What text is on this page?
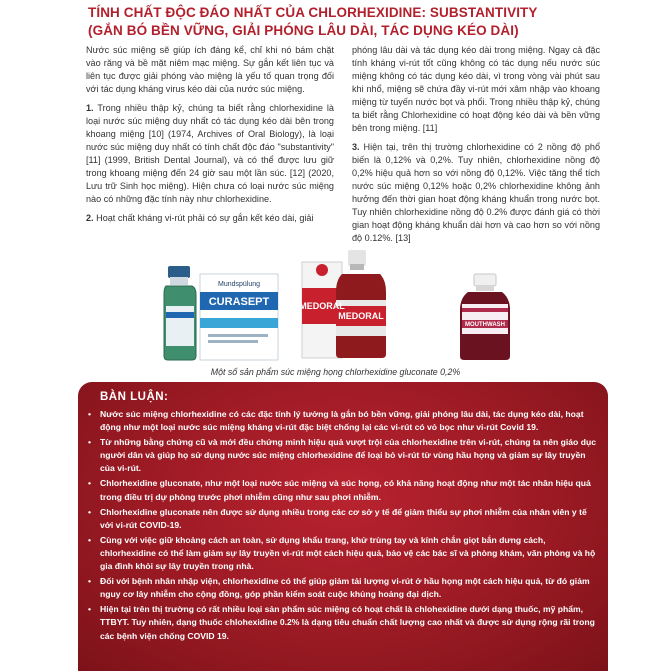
TÍNH CHẤT ĐỘC ĐÁO NHẤT CỦA CHLORHEXIDINE: SUBSTANTIVITY
(GẮN BÓ BỀN VỮNG, GIẢI PHÓNG LÂU DÀI, TÁC DỤNG KÉO DÀI)

Nước súc miệng sẽ giúp ích đáng kể, chỉ khi nó bám chặt vào răng và bề mặt niêm mạc miệng. Sự gắn kết liên tục và liên tục được giải phóng vào miệng là yếu tố quan trọng đối với tác dụng kháng virus kéo dài của nước súc miệng.

1. Trong nhiều thập kỷ, chúng ta biết rằng chlorhexidine là loại nước súc miệng duy nhất có tác dụng kéo dài bên trong khoang miệng [10] (1974, Archives of Oral Biology), là loại nước súc miệng duy nhất có tính chất độc đáo "substantivity" [11] (1999, British Dental Journal), và có thể được lưu giữ trong khoang miệng đến 24 giờ sau một lần súc. [12] (2020, Lưu trữ Sinh học miệng). Hiện chưa có loại nước súc miệng nào có những đặc tính này như chlorhexidine.

2. Hoạt chất kháng vi-rút phải có sự gắn kết kéo dài, giải

phóng lâu dài và tác dụng kéo dài trong miệng. Ngay cả đặc tính kháng vi-rút tốt cũng không có tác dụng nếu nước súc miệng không có tác dụng kéo dài, vì trong vòng vài phút sau khi nhổ, miệng sẽ chứa đầy vi-rút mới xâm nhập vào khoang miệng từ tuyến nước bọt và phổi. Trong nhiều thập kỷ, chúng ta biết rằng Chlorhexidine có hoạt động kéo dài và bền vững bên trong miệng. [11]

3. Hiện tại, trên thị trường chlorhexidine có 2 nồng độ phổ biến là 0,12% và 0,2%. Tuy nhiên, chlorhexidine nồng độ 0,2% hiệu quả hơn so với nồng độ 0,12%. Việc tăng thể tích nước súc miệng 0,12% hoặc 0,2% chlorhexidine không ảnh hưởng đến thời gian hoạt động kháng khuẩn trong nước bọt. Tuy nhiên chlorhexidine nồng độ 0.2% được đánh giá có thời gian hoạt động kháng khuẩn dài hơn và cao hơn so với nồng độ 0.12%. [13]

Mundspülung
CURASEPT	MEDORAL
MEDORAL
MOUTHWASH
Một số sản phẩm súc miệng họng chlorhexidine gluconate 0,2%
BÀN LUẬN:
• Nước súc miệng chlorhexidine có các đặc tính lý tưởng là gắn bó bền vững, giải phóng lâu dài, tác dụng kéo dài, hoạt động như một loại nước súc miệng kháng vi-rút đặc biệt chống lại các vi-rút có vỏ bọc như vi-rút Covid 19.
• Từ những bằng chứng cũ và mới đều chứng minh hiệu quả vượt trội của chlorhexidine trên vi-rút, chúng ta nên giáo dục người dân và giúp họ sử dụng nước súc miệng chlorhexidine để loại bỏ vi-rút từ vùng hầu họng và giảm sự lây truyền của vi-rút.
• Chlorhexidine gluconate, như một loại nước súc miệng và súc họng, có khả năng hoạt động như một tác nhân hiệu quả trong điều trị dự phòng trước phơi nhiễm cũng như sau phơi nhiễm.
• Chlorhexidine gluconate nên được sử dụng nhiều trong các cơ sở y tế để giảm thiểu sự phơi nhiễm của nhân viên y tế với vi-rút COVID-19.
• Cùng với việc giữ khoảng cách an toàn, sử dụng khẩu trang, khử trùng tay và kính chắn giọt bắn dưng cách, chlorhexidine có thể làm giảm sự lây truyền vi-rút một cách hiệu quả, bảo vệ các bác sĩ và phòng khám, văn phòng và hộ gia đình khỏi sự lây truyền trong nhà.
• Đối với bệnh nhân nhập viện, chlorhexidine có thể giúp giảm tải lượng vi-rút ở hầu họng một cách hiệu quả, từ đó giảm nguy cơ lây nhiễm cho cộng đồng, góp phần kiểm soát cuộc khủng hoảng đại dịch.
• Hiện tại trên thị trường có rất nhiều loại sản phẩm súc miệng có hoạt chất là chlohexidine dưới dạng thuốc, mỹ phẩm, TTBYT. Tuy nhiên, dạng thuốc chlohexidine 0.2% là dạng tiêu chuẩn chất lượng cao nhất và được sử dụng rộng rãi trong các bệnh viện chống COVID 19.
